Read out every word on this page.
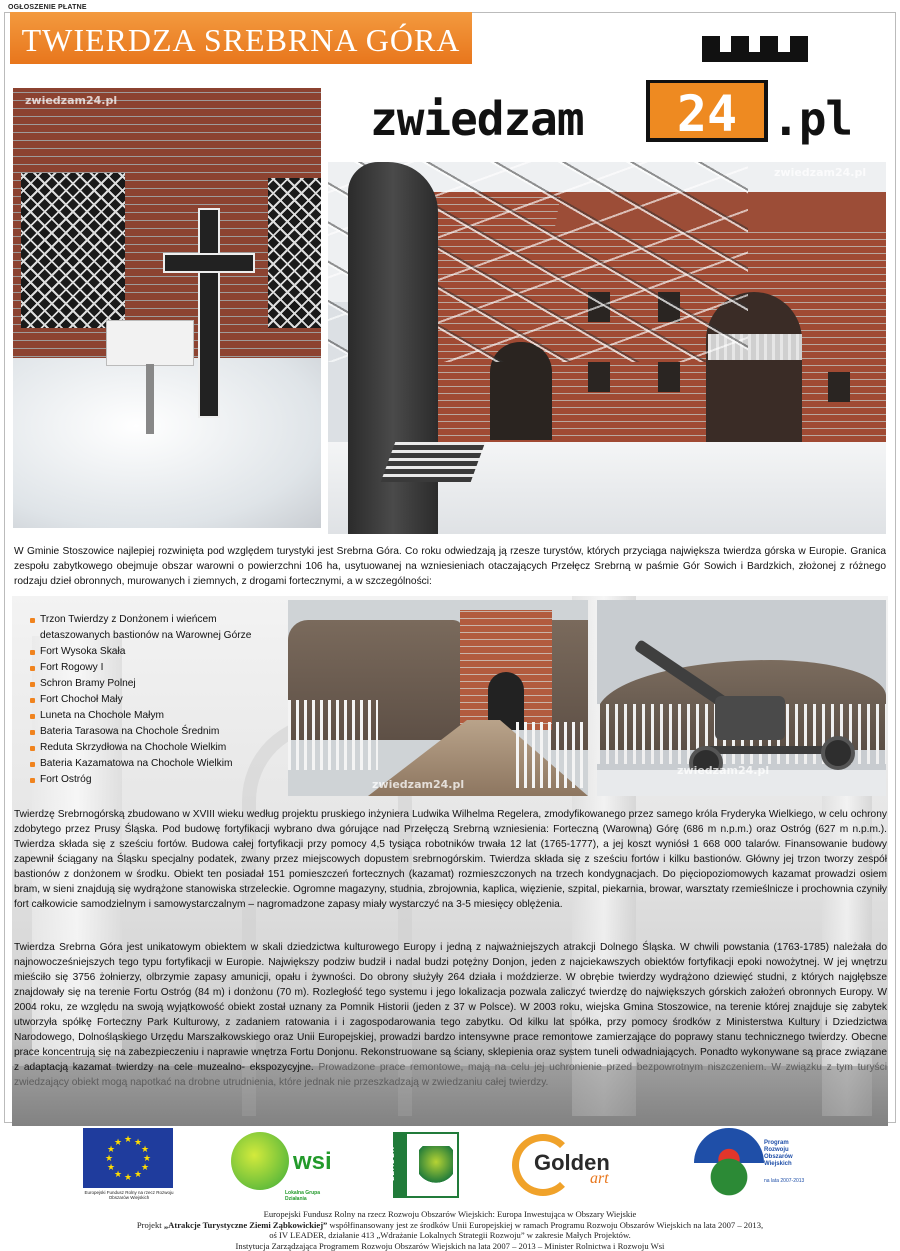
OGŁOSZENIE PŁATNE
TWIERDZA SREBRNA GÓRA
zwiedzam	24 .pl
zwiedzam24.pl
zwiedzam24.pl

W Gminie Stoszowice najlepiej rozwinięta pod względem turystyki jest Srebrna Góra. Co roku odwiedzają ją rzesze turystów, których przyciąga największa twierdza górska w Europie. Granica zespołu zabytkowego obejmuje obszar warowni o powierzchni 106 ha, usytuowanej na wzniesieniach otaczających Przełęcz Srebrną w paśmie Gór Sowich i Bardzkich, złożonej z różnego rodzaju dzieł obronnych, murowanych i ziemnych, z drogami fortecznymi, a w szczególności:

Trzon Twierdzy z Donżonem i wieńcem
detaszowanych bastionów na Warownej Górze
Fort Wysoka Skała
Fort Rogowy I
Schron Bramy Polnej
Fort Chochoł Mały
Luneta na Chochole Małym
Bateria Tarasowa na Chochole Średnim
Reduta Skrzydłowa na Chochole Wielkim
Bateria Kazamatowa na Chochole Wielkim
Fort Ostróg	zwiedzam24.pl
zwiedzam24.pl

Twierdzę Srebrnogórską zbudowano w XVIII wieku według projektu pruskiego inżyniera Ludwika Wilhelma Regelera, zmodyfikowanego przez samego króla Fryderyka Wielkiego, w celu ochrony zdobytego przez Prusy Śląska. Pod budowę fortyfikacji wybrano dwa górujące nad Przełęczą Srebrną wzniesienia: Forteczną (Warowną) Górę (686 m n.p.m.) oraz Ostróg (627 m n.p.m.). Twierdza składa się z sześciu fortów. Budowa całej fortyfikacji przy pomocy 4,5 tysiąca robotników trwała 12 lat (1765-1777), a jej koszt wyniósł 1 668 000 talarów. Finansowanie budowy zapewnił ściągany na Śląsku specjalny podatek, zwany przez miejscowych dopustem srebrnogórskim. Twierdza składa się z sześciu fortów i kilku bastionów. Główny jej trzon tworzy zespół bastionów z donżonem w środku. Obiekt ten posiadał 151 pomieszczeń fortecznych (kazamat) rozmieszczonych na trzech kondygnacjach. Do pięciopoziomowych kazamat prowadzi osiem bram, w sieni znajdują się wydrążone stanowiska strzeleckie. Ogromne magazyny, studnia, zbrojownia, kaplica, więzienie, szpital, piekarnia, browar, warsztaty rzemieślnicze i prochownia czyniły fort całkowicie samodzielnym i samowystarczalnym – nagromadzone zapasy miały wystarczyć na 3-5 miesięcy oblężenia.

Twierdza Srebrna Góra jest unikatowym obiektem w skali dziedzictwa kulturowego Europy i jedną z najważniejszych atrakcji Dolnego Śląska. W chwili powstania (1763-1785) należała do najnowocześniejszych tego typu fortyfikacji w Europie. Największy podziw budził i nadal budzi potężny Donjon, jeden z najciekawszych obiektów fortyfikacji epoki nowożytnej. W jej wnętrzu mieściło się 3756 żołnierzy, olbrzymie zapasy amunicji, opału i żywności. Do obrony służyły 264 działa i moździerze. W obrębie twierdzy wydrążono dziewięć studni, z których najgłębsze znajdowały się na terenie Fortu Ostróg (84 m) i donżonu (70 m). Rozległość tego systemu i jego lokalizacja pozwala zaliczyć twierdzę do największych górskich założeń obronnych Europy. W 2004 roku, ze względu na swoją wyjątkowość obiekt został uznany za Pomnik Historii (jeden z 37 w Polsce). W 2003 roku, wiejska Gmina Stoszowice, na terenie której znajduje się zabytek utworzyła spółkę Forteczny Park Kulturowy, z zadaniem ratowania i i zagospodarowania tego zabytku. Od kilku lat spółka, przy pomocy środków z Ministerstwa Kultury i Dziedzictwa Narodowego, Dolnośląskiego Urzędu Marszałkowskiego oraz Unii Europejskiej, prowadzi bardzo intensywne prace remontowe zamierzające do poprawy stanu technicznego twierdzy. Obecne prace koncentrują się na zabezpieczeniu i naprawie wnętrza Fortu Donjonu. Rekonstruowane są ściany, sklepienia oraz system tuneli odwadniających. Ponadto wykonywane są prace związane z adaptacją kazamat twierdzy na cele muzealno- ekspozycyjne. Prowadzone prace remontowe, mają na celu jej uchronienie przed bezpowrotnym niszczeniem. W związku z tym turyści zwiedzający obiekt mogą napotkać na drobne utrudnienia, które jednak nie przeszkadzają w zwiedzaniu całej twierdzy.

★ ★
★
★
★
★
★
★
★
★
★
★
Europejski Fundusz Rolny na rzecz Rozwoju Obszarów Wiejskich
wsi
Lokalna Grupa Działania
LEADER	Golden
art
Program
Rozwoju
Obszarów
Wiejskich
na lata 2007-2013
Europejski Fundusz Rolny na rzecz Rozwoju Obszarów Wiejskich: Europa Inwestująca w Obszary Wiejskie
Projekt „Atrakcje Turystyczne Ziemi Ząbkowickiej” współfinansowany jest ze środków Unii Europejskiej w ramach Programu Rozwoju Obszarów Wiejskich na lata 2007 – 2013,
oś IV LEADER, działanie 413 „Wdrażanie Lokalnych Strategii Rozwoju” w zakresie Małych Projektów.
Instytucja Zarządzająca Programem Rozwoju Obszarów Wiejskich na lata 2007 – 2013 – Minister Rolnictwa i Rozwoju Wsi
